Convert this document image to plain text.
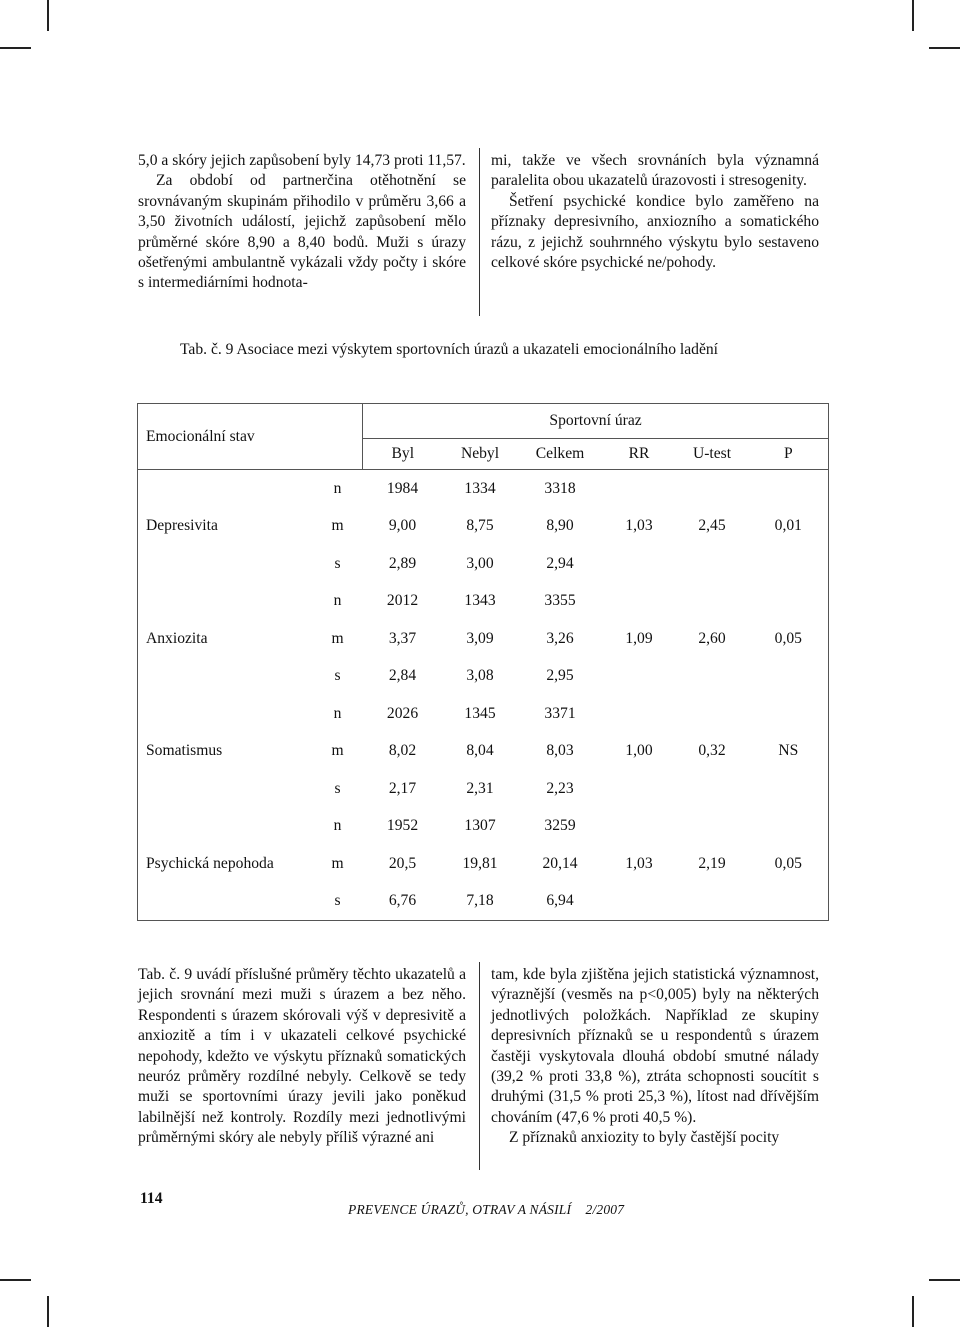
5,0 a skóry jejich zapůsobení byly 14,73 proti 11,57.

Za období od partnerčina otěhotnění se srovnávaným skupinám přihodilo v průměru 3,66 a 3,50 životních událostí, jejichž zapůsobení mělo průměrné skóre 8,90 a 8,40 bodů. Muži s úrazy ošetřenými ambulantně vykázali vždy počty i skóre s intermediárními hodnota-

mi, takže ve všech srovnáních byla významná paralelita obou ukazatelů úrazovosti i stresogenity.

Šetření psychické kondice bylo zaměřeno na příznaky depresivního, anxiozního a somatického rázu, z jejichž souhrnného výskytu bylo sestaveno celkové skóre psychické ne/pohody.

Tab. č. 9 Asociace mezi výskytem sportovních úrazů a ukazateli emocionálního ladění
Emocionální stav		Sportovní úraz					
		Byl	Nebyl	Celkem	RR	U-test	P
Depresivita	n	1984	1334	3318	1,03	2,45	0,01
	m	9,00	8,75	8,90			
	s	2,89	3,00	2,94			
Anxiozita	n	2012	1343	3355	1,09	2,60	0,05
	m	3,37	3,09	3,26			
	s	2,84	3,08	2,95			
Somatismus	n	2026	1345	3371	1,00	0,32	NS
	m	8,02	8,04	8,03			
	s	2,17	2,31	2,23			
Psychická nepohoda	n	1952	1307	3259	1,03	2,19	0,05
	m	20,5	19,81	20,14			
	s	6,76	7,18	6,94			

Tab. č. 9 uvádí příslušné průměry těchto ukazatelů a jejich srovnání mezi muži s úrazem a bez něho. Respondenti s úrazem skórovali výš v depresivitě a anxiozitě a tím i v ukazateli celkové psychické nepohody, kdežto ve výskytu příznaků somatických neuróz průměry rozdílné nebyly. Celkově se tedy muži se sportovními úrazy jevili jako poněkud labilnější než kontroly. Rozdíly mezi jednotlivými průměrnými skóry ale nebyly příliš výrazné ani

tam, kde byla zjištěna jejich statistická významnost, výraznější (vesměs na p<0,005) byly na některých jednotlivých položkách. Například ze skupiny depresivních příznaků se u respondentů s úrazem častěji vyskytovala dlouhá období smutné nálady (39,2 % proti 33,8 %), ztráta schopnosti soucítit s druhými (31,5 % proti 25,3 %), lítost nad dřívějším chováním (47,6 % proti 40,5 %).

Z příznaků anxiozity to byly častější pocity

114
PREVENCE ÚRAZŮ, OTRAV A NÁSILÍ    2/2007
